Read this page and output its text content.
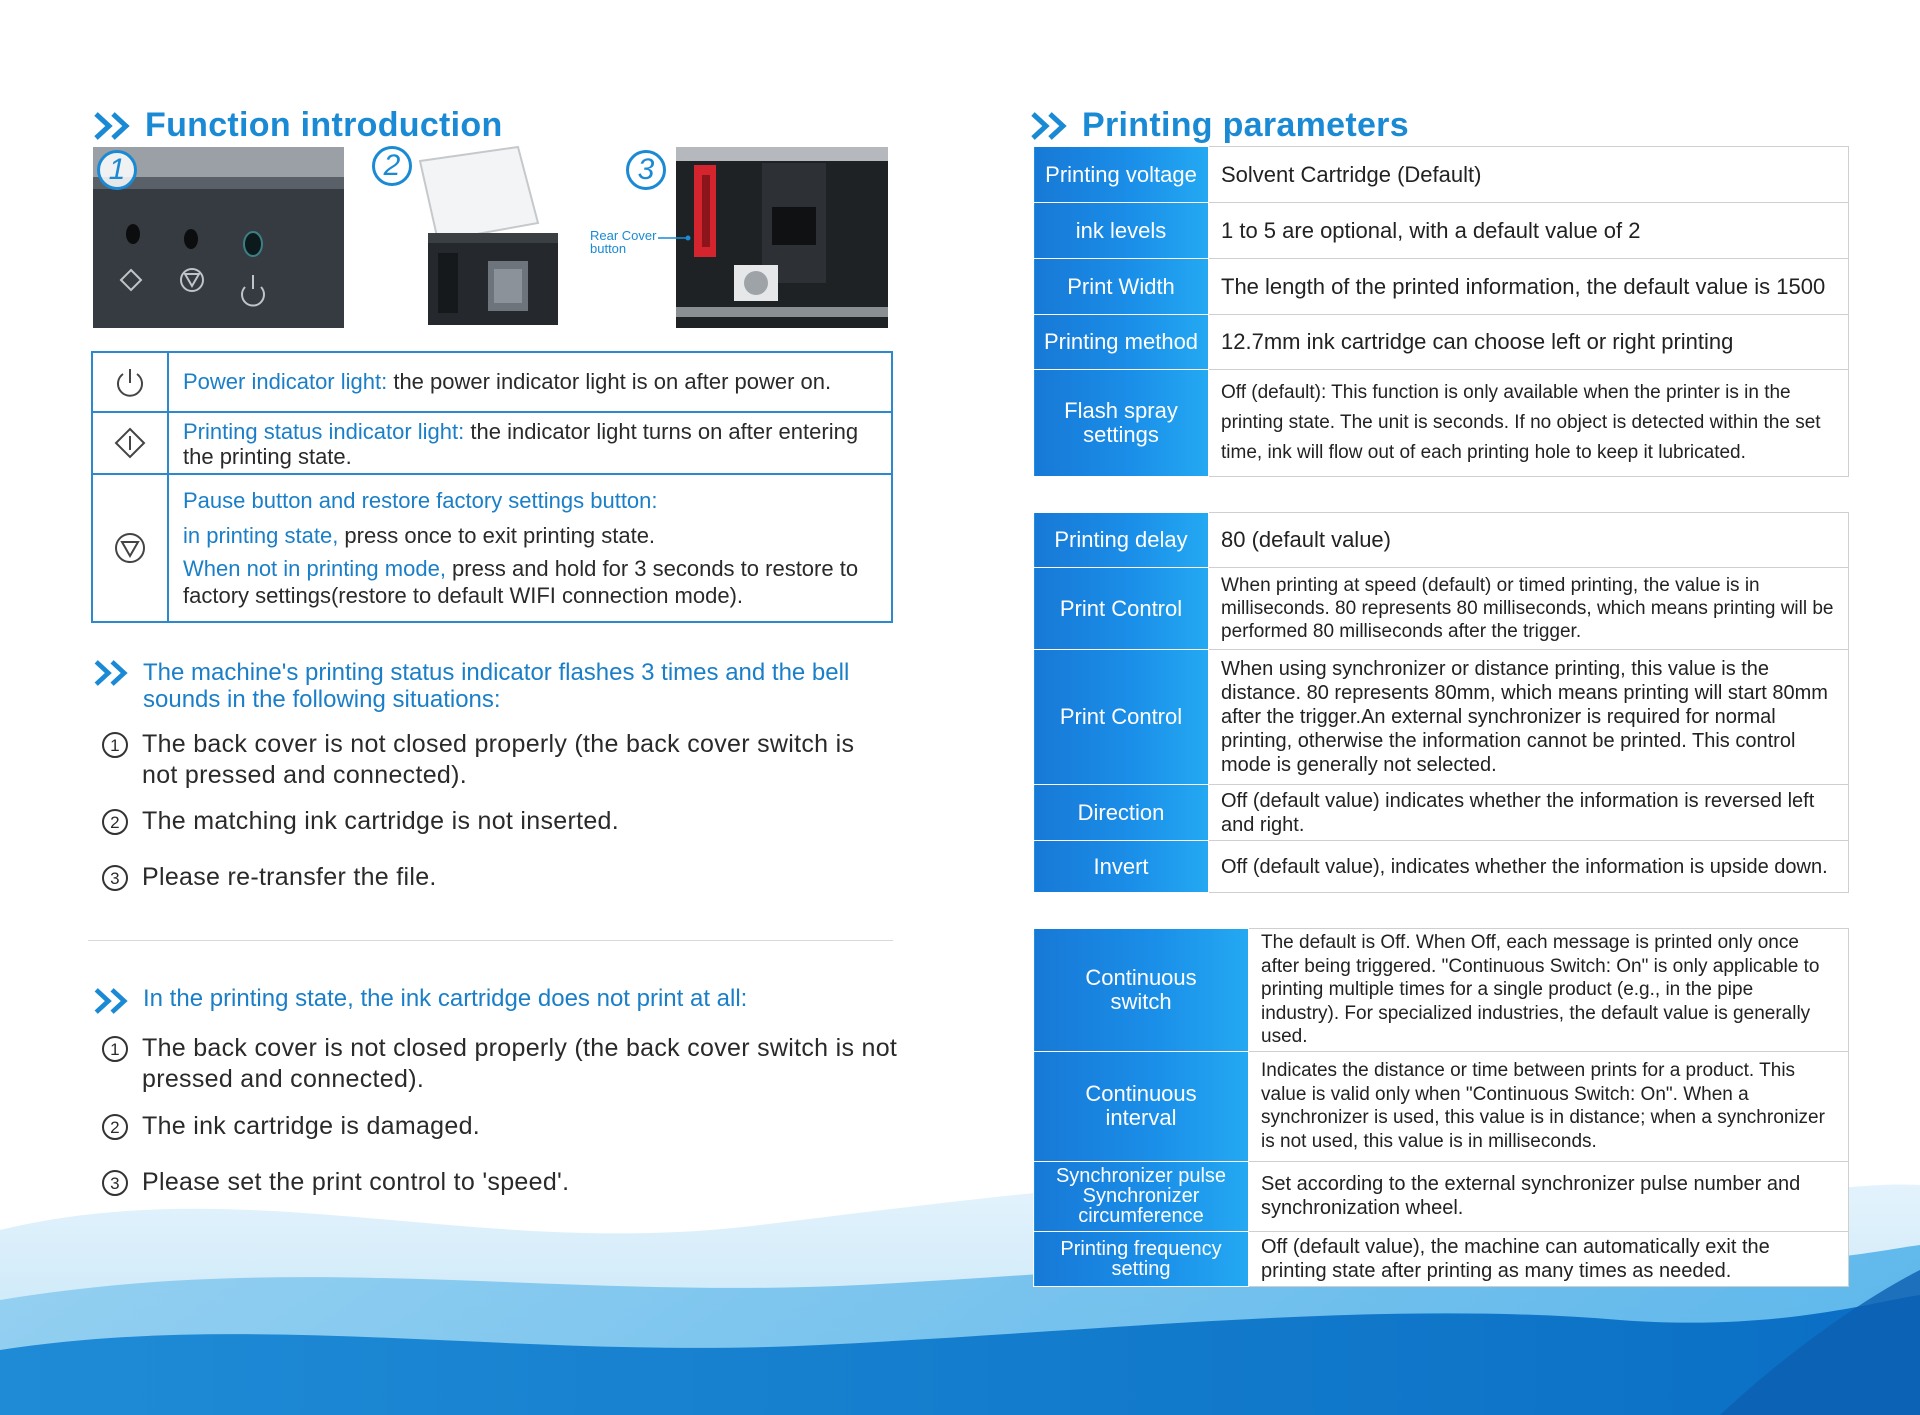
Function introduction
1	2	3
Rear Cover
button
Power indicator light: the power indicator light is on after power on.
Printing status indicator light: the indicator light turns on after entering the printing state.
Pause button and restore factory settings button:
in printing state, press once to exit printing state.
When not in printing mode, press and hold for 3 seconds to restore to factory settings(restore to default WIFI connection mode).
The machine's printing status indicator flashes 3 times and the bell sounds in the following situations:
1 The back cover is not closed properly (the back cover switch is not pressed and connected).
2 The matching ink cartridge is not inserted.
3 Please re-transfer the file.
In the printing state, the ink cartridge does not print at all:
1 The back cover is not closed properly (the back cover switch is not pressed and connected).
2 The ink cartridge is damaged.
3 Please set the print control to 'speed'.
Printing parameters
Printing voltage	Solvent Cartridge (Default)
ink levels	1 to 5 are optional, with a default value of 2
Print Width	The length of the printed information, the default value is 1500
Printing method	12.7mm ink cartridge can choose left or right printing
Flash spray settings	Off (default): This function is only available when the printer is in the printing state. The unit is seconds. If no object is detected within the set time, ink will flow out of each printing hole to keep it lubricated.
Printing delay	80 (default value)
Print Control	When printing at speed (default) or timed printing, the value is in milliseconds. 80 represents 80 milliseconds, which means printing will be performed 80 milliseconds after the trigger.
Print Control	When using synchronizer or distance printing, this value is the distance. 80 represents 80mm, which means printing will start 80mm after the trigger.An external synchronizer is required for normal printing, otherwise the information cannot be printed. This control mode is generally not selected.
Direction	Off (default value) indicates whether the information is reversed left and right.
Invert	Off (default value), indicates whether the information is upside down.
Continuous switch	The default is Off. When Off, each message is printed only once after being triggered. "Continuous Switch: On" is only applicable to printing multiple times for a single product (e.g., in the pipe industry). For specialized industries, the default value is generally used.
Continuous interval	Indicates the distance or time between prints for a product. This value is valid only when "Continuous Switch: On". When a synchronizer is used, this value is in distance; when a synchronizer is not used, this value is in milliseconds.
Synchronizer pulse Synchronizer circumference	Set according to the external synchronizer pulse number and synchronization wheel.
Printing frequency setting	Off (default value), the machine can automatically exit the printing state after printing as many times as needed.
